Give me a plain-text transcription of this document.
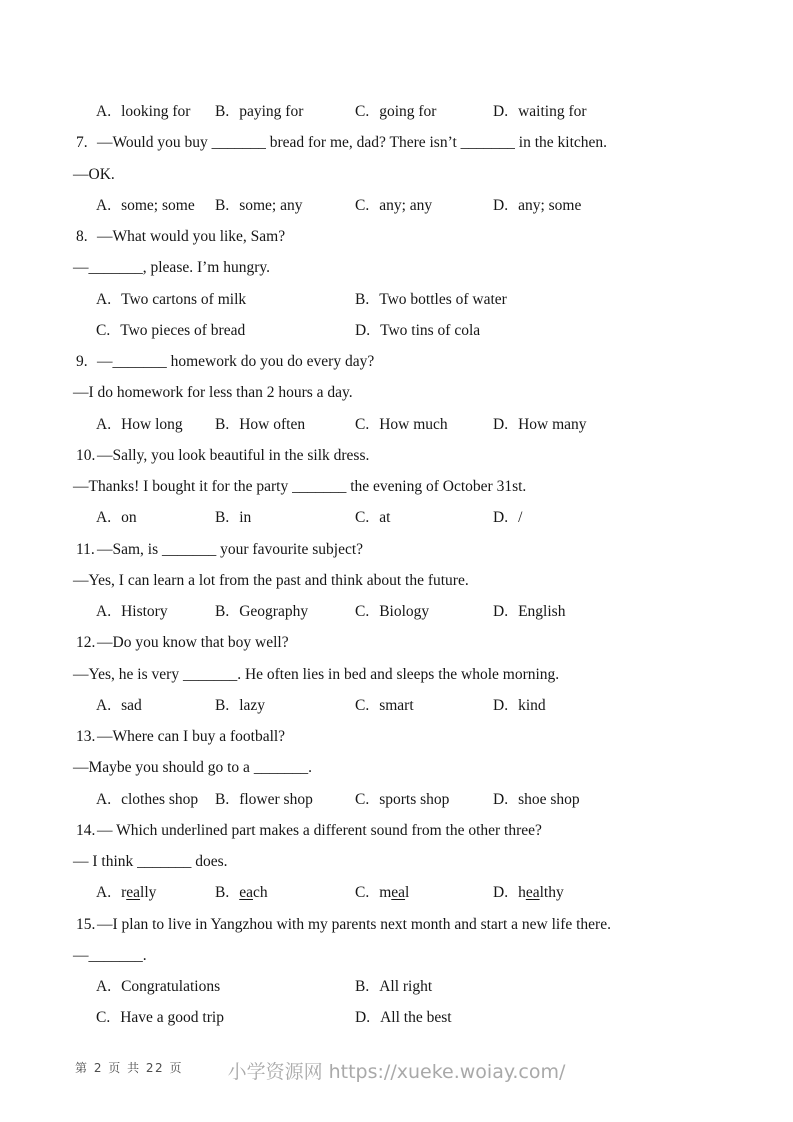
A. looking for B. paying for	C. going for	D. waiting for
7. —Would you buy _______ bread for me, dad? There isn’t _______ in the kitchen.
—OK.
A. some; some B. some; any	C. any; any	D. any; some
8. —What would you like, Sam?
—_______, please. I’m hungry.
A. Two cartons of milk	B. Two bottles of water
C. Two pieces of bread	D. Two tins of cola
9. —_______ homework do you do every day?
—I do homework for less than 2 hours a day.
A. How long B. How often	C. How much	D. How many
10. —Sally, you look beautiful in the silk dress.
—Thanks! I bought it for the party _______ the evening of October 31st.
A. on	B. in	C. at	D. /
11. —Sam, is _______ your favourite subject?
—Yes, I can learn a lot from the past and think about the future.
A. History	B. Geography	C. Biology	D. English
12. —Do you know that boy well?
—Yes, he is very _______. He often lies in bed and sleeps the whole morning.
A. sad	B. lazy	C. smart	D. kind
13. —Where can I buy a football?
—Maybe you should go to a _______.
A. clothes shop B. flower shop	C. sports shop	D. shoe shop
14. — Which underlined part makes a different sound from the other three?
— I think _______ does.
A. really	B. each	C. meal	D. healthy
15. —I plan to live in Yangzhou with my parents next month and start a new life there.
—_______.
A. Congratulations	B. All right
C. Have a good trip	D. All the best
第 2 页 共 22 页	小学资源网 https://xueke.woiay.com/
